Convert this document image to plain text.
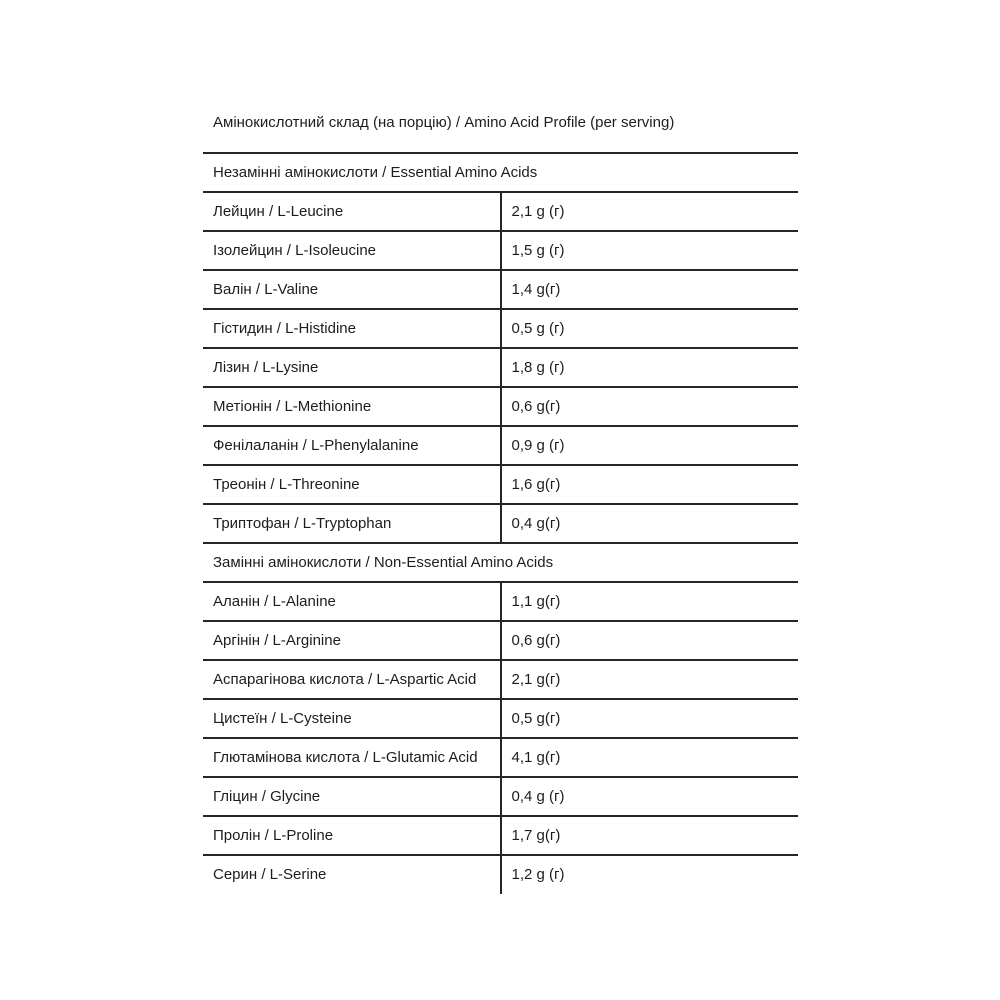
Амінокислотний склад (на порцію) / Amino Acid Profile (per serving)
Незамінні амінокислоти / Essential Amino Acids	
Лейцин / L-Leucine	2,1 g (г)
Ізолейцин / L-Isoleucine	1,5 g (г)
Валін / L-Valine	1,4 g(г)
Гістидин / L-Histidine	0,5 g (г)
Лізин / L-Lysine	1,8 g (г)
Метіонін / L-Methionine	0,6 g(г)
Фенілаланін / L-Phenylalanine	0,9 g (г)
Треонін / L-Threonine	1,6 g(г)
Триптофан / L-Tryptophan	0,4 g(г)
Замінні амінокислоти / Non-Essential Amino Acids	
Аланін / L-Alanine	1,1 g(г)
Аргінін / L-Arginine	0,6 g(г)
Аспарагінова кислота / L-Aspartic Acid	2,1 g(г)
Цистеїн / L-Cysteine	0,5 g(г)
Глютамінова кислота / L-Glutamic Acid	4,1 g(г)
Гліцин / Glycine	0,4 g (г)
Пролін / L-Proline	1,7 g(г)
Серин / L-Serine	1,2 g (г)
